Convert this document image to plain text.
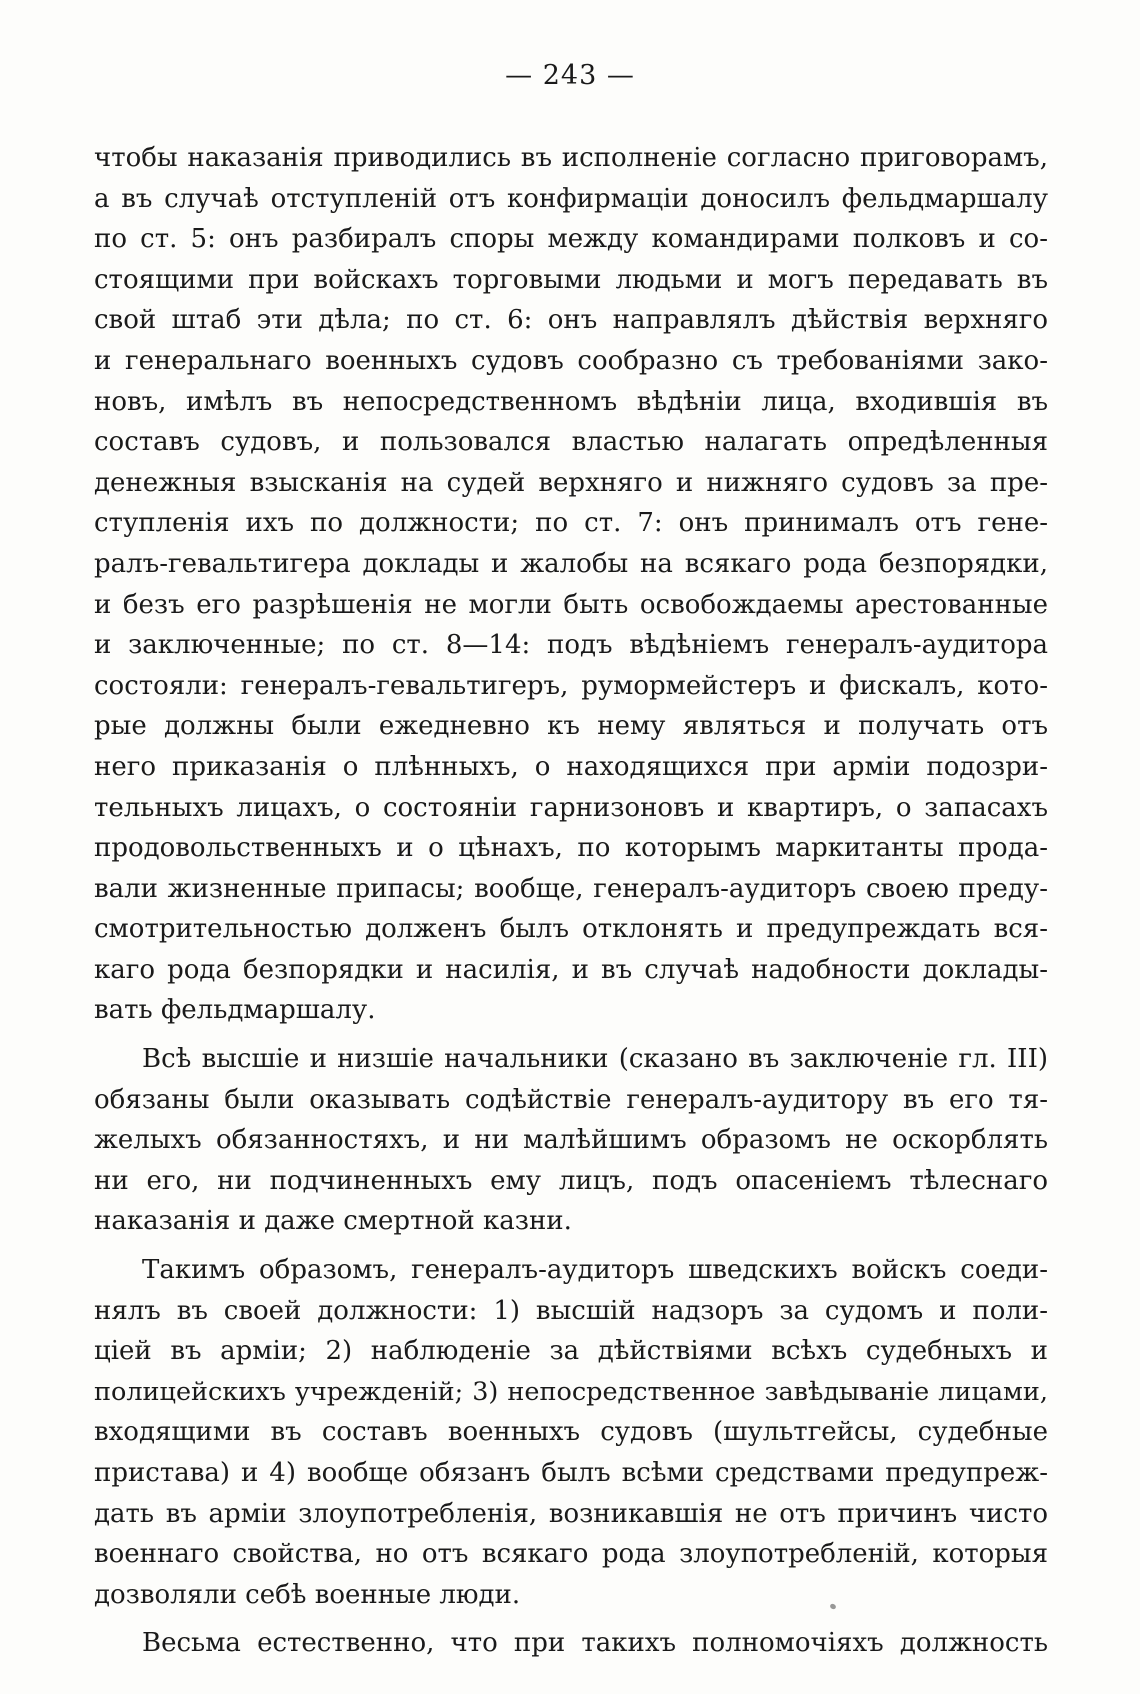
— 243 —
чтобы наказанія приводились въ исполненіе согласно приговорамъ,
а въ случаѣ отступленій отъ конфирмаціи доносилъ фельдмаршалу
по ст. 5: онъ разбиралъ споры между командирами полковъ и со-
стоящими при войскахъ торговыми людьми и могъ передавать въ
свой штаб эти дѣла; по ст. 6: онъ направлялъ дѣйствія верхняго
и генеральнаго военныхъ судовъ сообразно съ требованіями зако-
новъ, имѣлъ въ непосредственномъ вѣдѣніи лица, входившія въ
составъ судовъ, и пользовался властью налагать опредѣленныя
денежныя взысканія на судей верхняго и нижняго судовъ за пре-
ступленія ихъ по должности; по ст. 7: онъ принималъ отъ гене-
ралъ-гевальтигера доклады и жалобы на всякаго рода безпорядки,
и безъ его разрѣшенія не могли быть освобождаемы арестованные
и заключенные; по ст. 8—14: подъ вѣдѣніемъ генералъ-аудитора
состояли: генералъ-гевальтигеръ, румормейстеръ и фискалъ, кото-
рые должны были ежедневно къ нему являться и получать отъ
него приказанія о плѣнныхъ, о находящихся при арміи подозри-
тельныхъ лицахъ, о состояніи гарнизоновъ и квартиръ, о запасахъ
продовольственныхъ и о цѣнахъ, по которымъ маркитанты прода-
вали жизненные припасы; вообще, генералъ-аудиторъ своею преду-
смотрительностью долженъ былъ отклонять и предупреждать вся-
каго рода безпорядки и насилія, и въ случаѣ надобности доклады-
вать фельдмаршалу.
Всѣ высшіе и низшіе начальники (сказано въ заключеніе гл. III)
обязаны были оказывать содѣйствіе генералъ-аудитору въ его тя-
желыхъ обязанностяхъ, и ни малѣйшимъ образомъ не оскорблять
ни его, ни подчиненныхъ ему лицъ, подъ опасеніемъ тѣлеснаго
наказанія и даже смертной казни.
Такимъ образомъ, генералъ-аудиторъ шведскихъ войскъ соеди-
нялъ въ своей должности: 1) высшій надзоръ за судомъ и поли-
ціей въ арміи; 2) наблюденіе за дѣйствіями всѣхъ судебныхъ и
полицейскихъ учрежденій; 3) непосредственное завѣдываніе лицами,
входящими въ составъ военныхъ судовъ (шультгейсы, судебные
пристава) и 4) вообще обязанъ былъ всѣми средствами предупреж-
дать въ арміи злоупотребленія, возникавшія не отъ причинъ чисто
военнаго свойства, но отъ всякаго рода злоупотребленій, которыя
дозволяли себѣ военные люди.
Весьма естественно, что при такихъ полномочіяхъ должность
